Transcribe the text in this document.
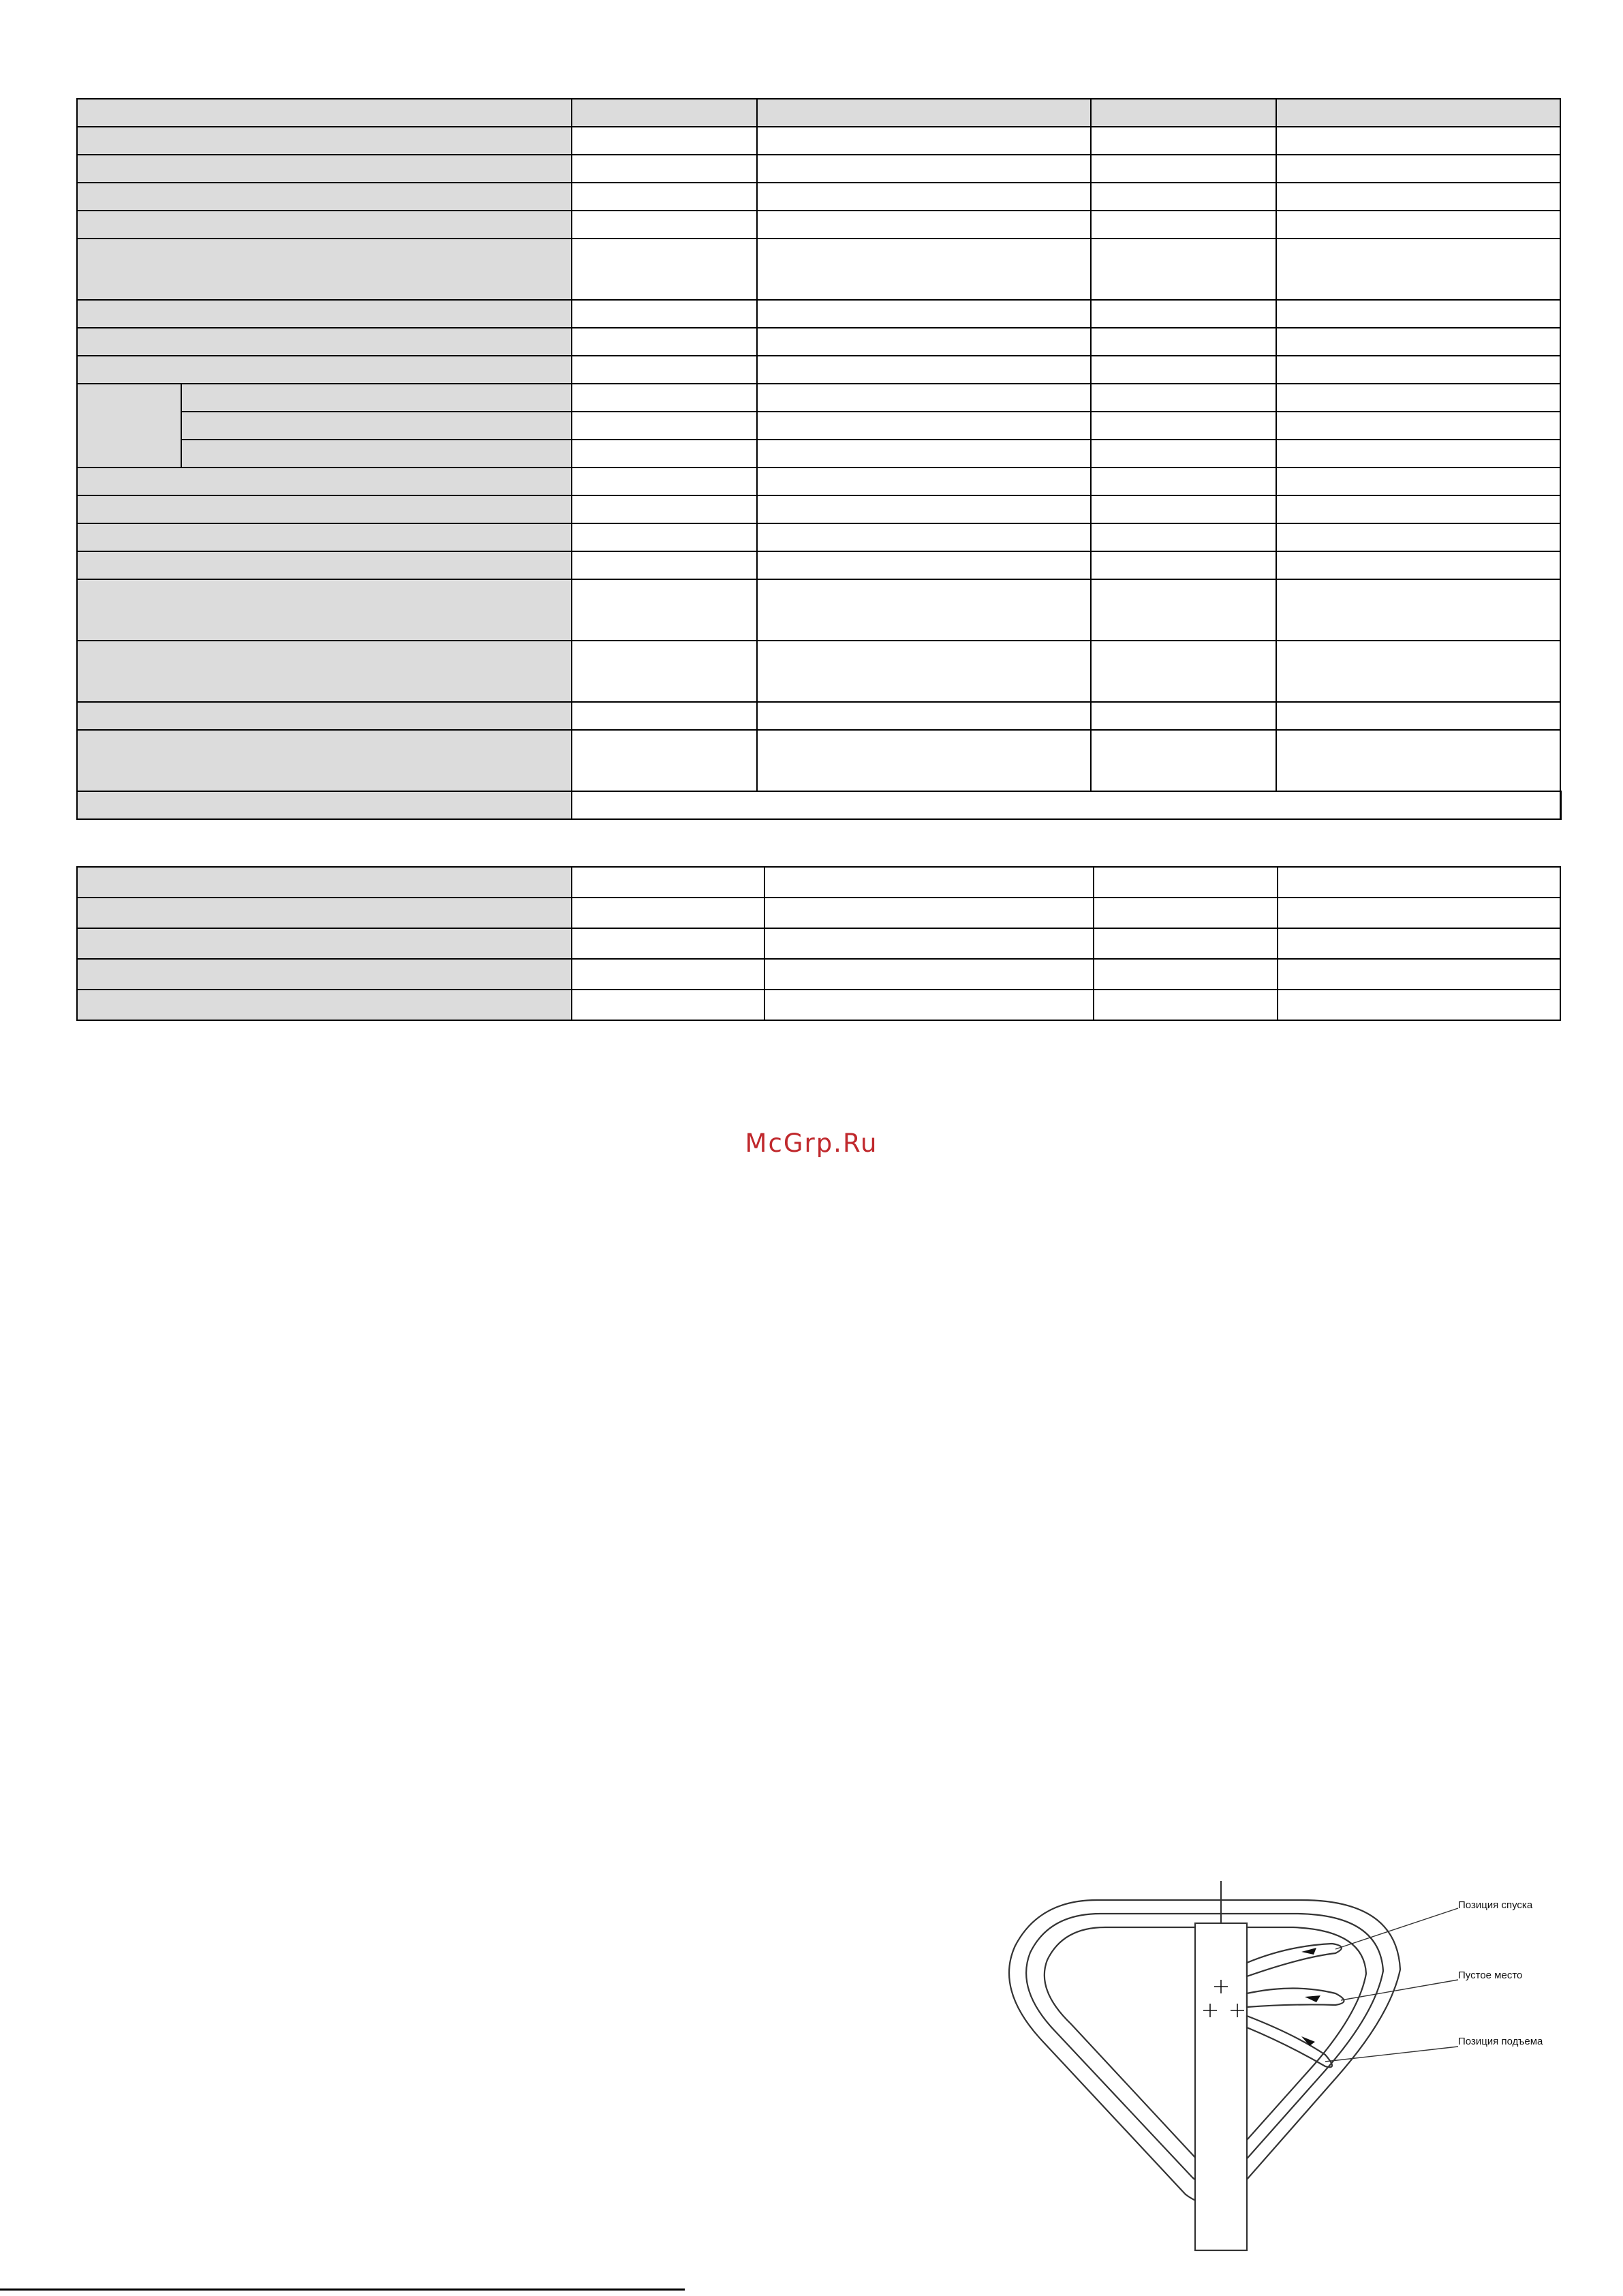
McGrp.Ru
Позиция спуска
Пустое место
Позиция подъема
